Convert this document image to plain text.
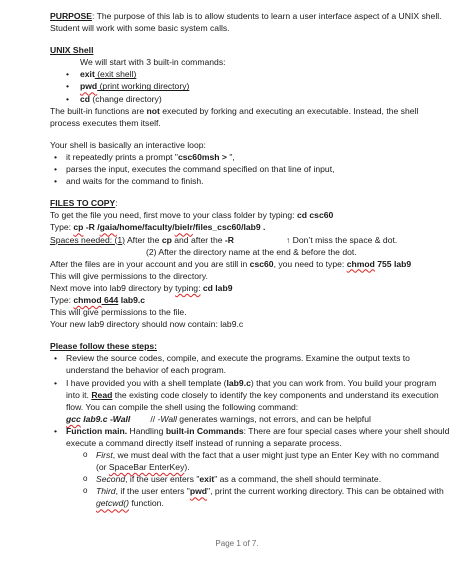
PURPOSE: The purpose of this lab is to allow students to learn a user interface aspect of a UNIX shell. Student will work with some basic system calls.

UNIX Shell

We will start with 3 built-in commands:

• exit (exit shell)
• pwd (print working directory)
• cd (change directory)

The built-in functions are not executed by forking and executing an executable. Instead, the shell process executes them itself.

Your shell is basically an interactive loop:

• it repeatedly prints a prompt "csc60msh > ",
• parses the input, executes the command specified on that line of input,
• and waits for the command to finish.

FILES TO COPY:

To get the file you need, first move to your class folder by typing: cd csc60

Type: cp -R /gaia/home/faculty/bielr/files_csc60/lab9 .

Spaces needed: (1) After the cp and after the -R	↑ Don’t miss the space & dot.

(2) After the directory name at the end & before the dot.

After the files are in your account and you are still in csc60, you need to type: chmod 755 lab9

This will give permissions to the directory.

Next move into lab9 directory by typing: cd lab9

Type: chmod 644 lab9.c

This will give permissions to the file.

Your new lab9 directory should now contain: lab9.c

Please follow these steps:

• Review the source codes, compile, and execute the programs. Examine the output texts to understand the behavior of each program.
• I have provided you with a shell template (lab9.c) that you can work from. You build your program into it. Read the existing code closely to identify the key components and understand its execution flow. You can compile the shell using the following command:
gcc lab9.c -Wall // -Wall generates warnings, not errors, and can be helpful
• Function main. Handling built-in Commands: There are four special cases where your shell should execute a command directly itself instead of running a separate process.
o First, we must deal with the fact that a user might just type an Enter Key with no command (or SpaceBar EnterKey).
o Second, if the user enters "exit" as a command, the shell should terminate.
o Third, if the user enters "pwd", print the current working directory. This can be obtained with getcwd() function.
Page 1 of 7.
